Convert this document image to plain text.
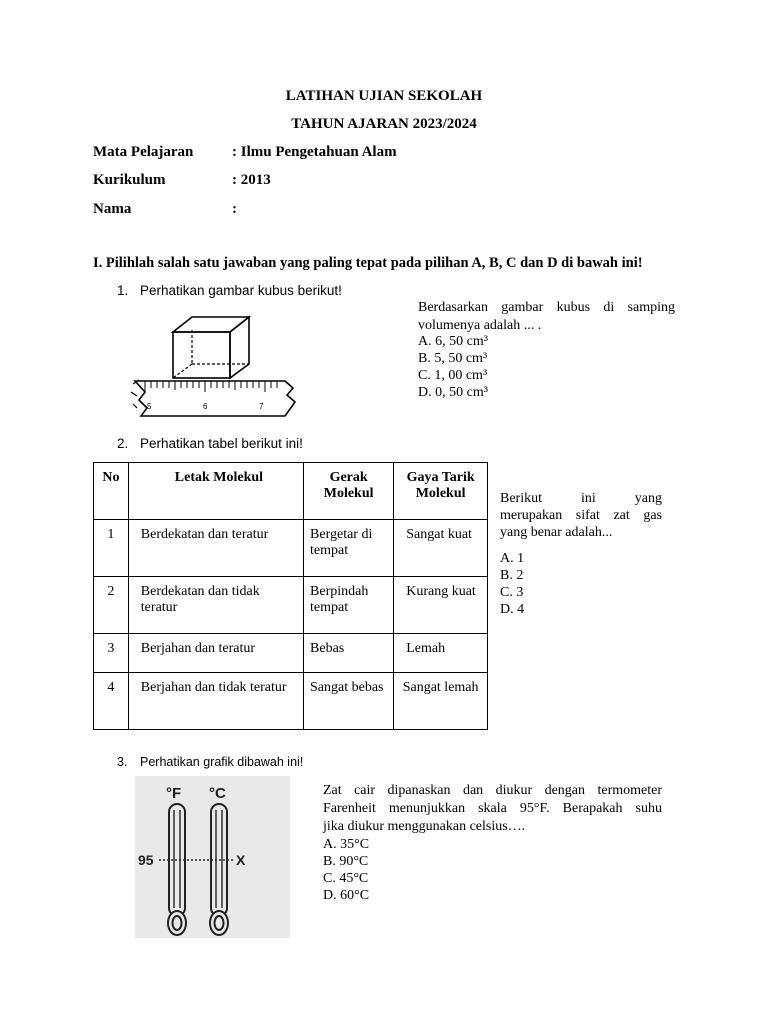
LATIHAN UJIAN SEKOLAH
TAHUN AJARAN 2023/2024
Mata Pelajaran	: Ilmu Pengetahuan Alam
Kurikulum	: 2013
Nama	:
I. Pilihlah salah satu jawaban yang paling tepat pada pilihan A, B, C dan D di bawah ini!
1. Perhatikan gambar kubus berikut!
5	6	7
Berdasarkan gambar kubus di samping
volumenya adalah ... .

A. 6, 50 cm³

B. 5, 50 cm³

C. 1, 00 cm³

D. 0, 50 cm³

2. Perhatikan tabel berikut ini!
No	Letak Molekul	Gerak Molekul	Gaya Tarik Molekul
1	Berdekatan dan teratur	Bergetar di tempat	Sangat kuat
2	Berdekatan dan tidak teratur	Berpindah tempat	Kurang kuat
3	Berjahan dan teratur	Bebas	Lemah
4	Berjahan dan tidak teratur	Sangat bebas	Sangat lemah
Berikut ini yang
merupakan sifat zat gas
yang benar adalah...

A. 1

B. 2

C. 3

D. 4

3. Perhatikan grafik dibawah ini!
°F °C
95	X
Zat cair dipanaskan dan diukur dengan termometer
Farenheit menunjukkan skala 95°F. Berapakah suhu
jika diukur menggunakan celsius….

A. 35°C

B. 90°C

C. 45°C

D. 60°C
